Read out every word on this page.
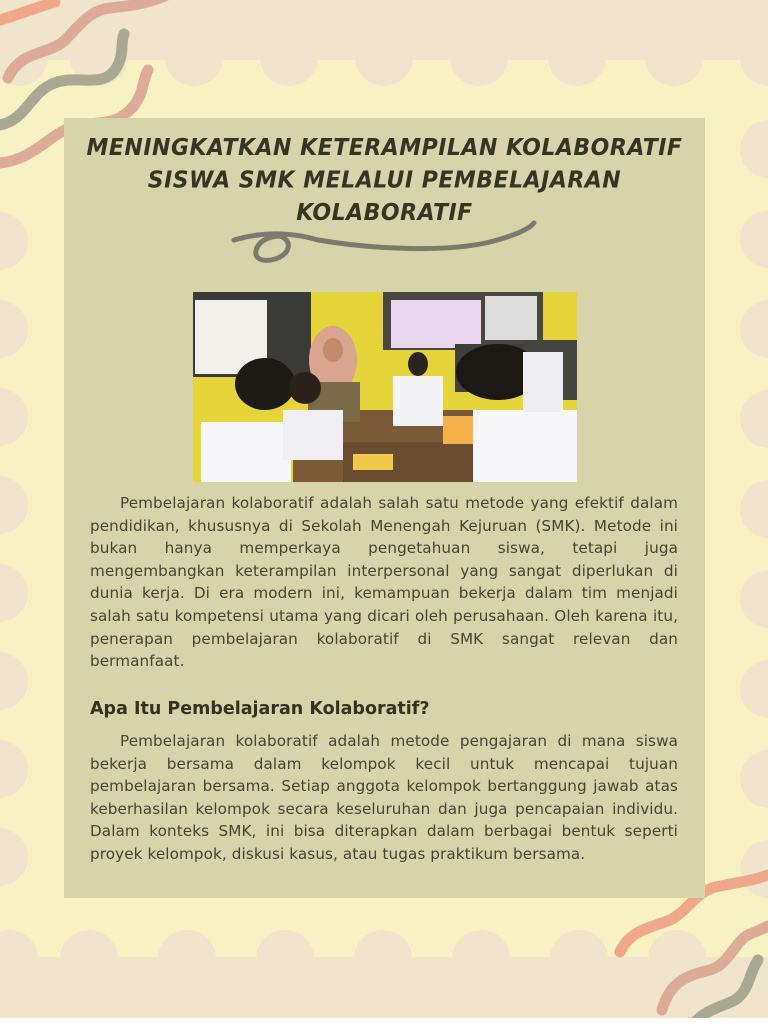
MENINGKATKAN KETERAMPILAN KOLABORATIF
SISWA SMK MELALUI PEMBELAJARAN
KOLABORATIF

Pembelajaran kolaboratif adalah salah satu metode yang efektif dalam pendidikan, khususnya di Sekolah Menengah Kejuruan (SMK). Metode ini bukan hanya memperkaya pengetahuan siswa, tetapi juga mengembangkan keterampilan interpersonal yang sangat diperlukan di dunia kerja. Di era modern ini, kemampuan bekerja dalam tim menjadi salah satu kompetensi utama yang dicari oleh perusahaan. Oleh karena itu, penerapan pembelajaran kolaboratif di SMK sangat relevan dan bermanfaat.

Apa Itu Pembelajaran Kolaboratif?

Pembelajaran kolaboratif adalah metode pengajaran di mana siswa bekerja bersama dalam kelompok kecil untuk mencapai tujuan pembelajaran bersama. Setiap anggota kelompok bertanggung jawab atas keberhasilan kelompok secara keseluruhan dan juga pencapaian individu. Dalam konteks SMK, ini bisa diterapkan dalam berbagai bentuk seperti proyek kelompok, diskusi kasus, atau tugas praktikum bersama.
